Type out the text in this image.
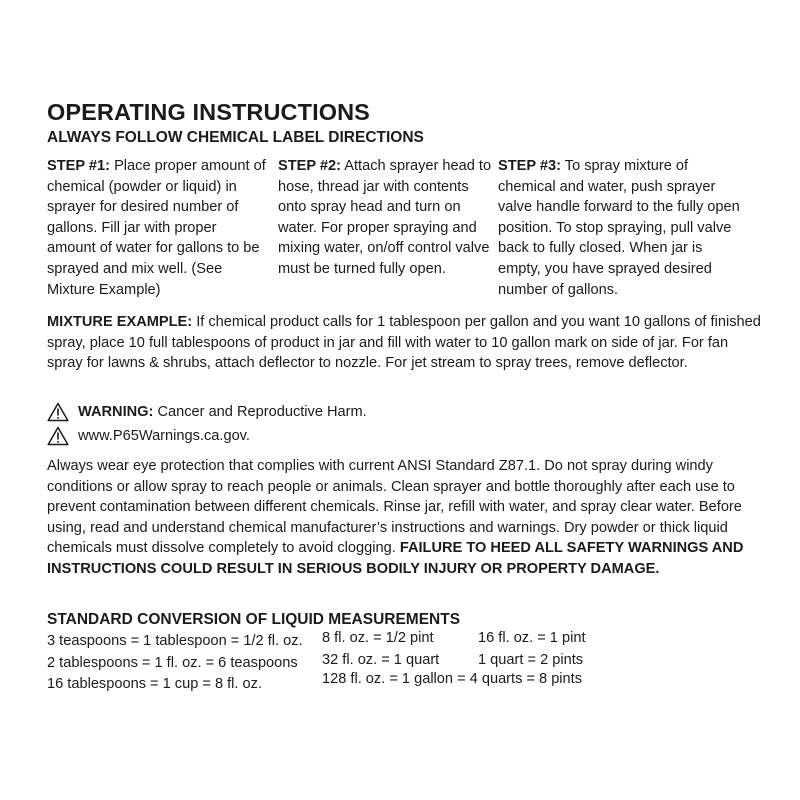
OPERATING INSTRUCTIONS
ALWAYS FOLLOW CHEMICAL LABEL DIRECTIONS
STEP #1: Place proper amount of chemical (powder or liquid) in sprayer for desired number of gallons. Fill jar with proper amount of water for gallons to be sprayed and mix well. (See Mixture Example)
STEP #2: Attach sprayer head to hose, thread jar with contents onto spray head and turn on water. For proper spraying and mixing water, on/off control valve must be turned fully open.
STEP #3: To spray mixture of chemical and water, push sprayer valve handle forward to the fully open position. To stop spraying, pull valve back to fully closed. When jar is empty, you have sprayed desired number of gallons.
MIXTURE EXAMPLE: If chemical product calls for 1 tablespoon per gallon and you want 10 gallons of finished spray, place 10 full tablespoons of product in jar and fill with water to 10 gallon mark on side of jar. For fan spray for lawns & shrubs, attach deflector to nozzle. For jet stream to spray trees, remove deflector.
WARNING:
Cancer and Reproductive Harm.
www.P65Warnings.ca.gov.
Always wear eye protection that complies with current ANSI Standard Z87.1. Do not spray during windy conditions or allow spray to reach people or animals. Clean sprayer and bottle thoroughly after each use to prevent contamination between different chemicals. Rinse jar, refill with water, and spray clear water. Before using, read and understand chemical manufacturer’s instructions and warnings. Dry powder or thick liquid chemicals must dissolve completely to avoid clogging. FAILURE TO HEED ALL SAFETY WARNINGS AND INSTRUCTIONS COULD RESULT IN SERIOUS BODILY INJURY OR PROPERTY DAMAGE.
STANDARD CONVERSION OF LIQUID MEASUREMENTS
3 teaspoons = 1 tablespoon = 1/2 fl. oz.
2 tablespoons = 1 fl. oz. = 6 teaspoons
16 tablespoons = 1 cup = 8 fl. oz.
8 fl. oz. = 1/2 pint
32 fl. oz. = 1 quart
16 fl. oz. = 1 pint
1 quart = 2 pints
128 fl. oz. = 1 gallon = 4 quarts = 8 pints
